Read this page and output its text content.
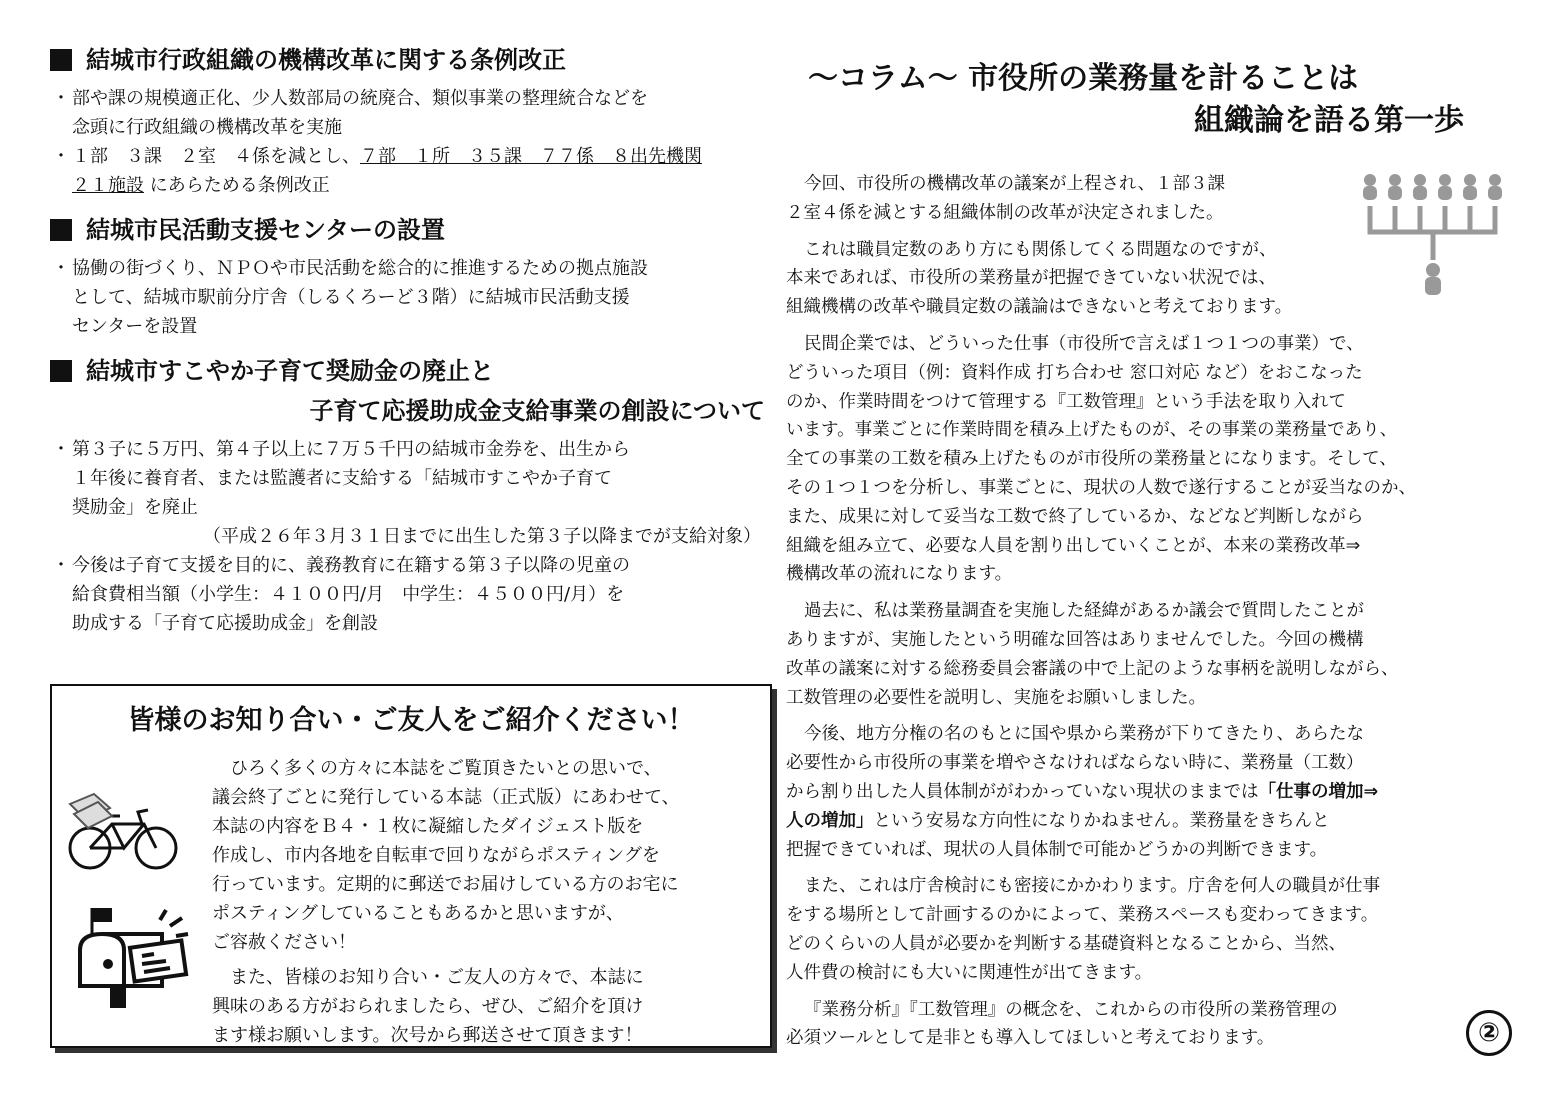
結城市行政組織の機構改革に関する条例改正
・ 部や課の規模適正化、少人数部局の統廃合、類似事業の整理統合などを
念頭に行政組織の機構改革を実施
・ １部　３課　２室　４係を減とし、７部　１所　３５課　７７係　８出先機関
２１施設 にあらためる条例改正
結城市民活動支援センターの設置
・ 協働の街づくり、ＮＰＯや市民活動を総合的に推進するための拠点施設
として、結城市駅前分庁舎（しるくろーど３階）に結城市民活動支援
センターを設置
結城市すこやか子育て奨励金の廃止と
子育て応援助成金支給事業の創設について
・ 第３子に５万円、第４子以上に７万５千円の結城市金券を、出生から
１年後に養育者、または監護者に支給する「結城市すこやか子育て
奨励金」を廃止
（平成２６年３月３１日までに出生した第３子以降までが支給対象）
・ 今後は子育て支援を目的に、義務教育に在籍する第３子以降の児童の
給食費相当額（小学生：４１００円/月　中学生：４５００円/月）を
助成する「子育て応援助成金」を創設
皆様のお知り合い・ご友人をご紹介ください！
ひろく多くの方々に本誌をご覧頂きたいとの思いで、
議会終了ごとに発行している本誌（正式版）にあわせて、
本誌の内容をＢ４・１枚に凝縮したダイジェスト版を
作成し、市内各地を自転車で回りながらポスティングを
行っています。定期的に郵送でお届けしている方のお宅に
ポスティングしていることもあるかと思いますが、
ご容赦ください！
また、皆様のお知り合い・ご友人の方々で、本誌に
興味のある方がおられましたら、ぜひ、ご紹介を頂け
ます様お願いします。次号から郵送させて頂きます！
～コラム～ 市役所の業務量を計ることは
組織論を語る第一歩

今回、市役所の機構改革の議案が上程され、１部３課
２室４係を減とする組織体制の改革が決定されました。

これは職員定数のあり方にも関係してくる問題なのですが、
本来であれば、市役所の業務量が把握できていない状況では、
組織機構の改革や職員定数の議論はできないと考えております。

民間企業では、どういった仕事（市役所で言えば１つ１つの事業）で、
どういった項目（例：資料作成 打ち合わせ 窓口対応 など）をおこなった
のか、作業時間をつけて管理する『工数管理』という手法を取り入れて
います。事業ごとに作業時間を積み上げたものが、その事業の業務量であり、
全ての事業の工数を積み上げたものが市役所の業務量とになります。そして、
その１つ１つを分析し、事業ごとに、現状の人数で遂行することが妥当なのか、
また、成果に対して妥当な工数で終了しているか、などなど判断しながら
組織を組み立て、必要な人員を割り出していくことが、本来の業務改革⇒
機構改革の流れになります。

過去に、私は業務量調査を実施した経緯があるか議会で質問したことが
ありますが、実施したという明確な回答はありませんでした。今回の機構
改革の議案に対する総務委員会審議の中で上記のような事柄を説明しながら、
工数管理の必要性を説明し、実施をお願いしました。

今後、地方分権の名のもとに国や県から業務が下りてきたり、あらたな
必要性から市役所の事業を増やさなければならない時に、業務量（工数）
から割り出した人員体制ががわかっていない現状のままでは「仕事の増加⇒
人の増加」という安易な方向性になりかねません。業務量をきちんと
把握できていれば、現状の人員体制で可能かどうかの判断できます。

また、これは庁舎検討にも密接にかかわります。庁舎を何人の職員が仕事
をする場所として計画するのかによって、業務スペースも変わってきます。
どのくらいの人員が必要かを判断する基礎資料となることから、当然、
人件費の検討にも大いに関連性が出てきます。

『業務分析』『工数管理』の概念を、これからの市役所の業務管理の
必須ツールとして是非とも導入してほしいと考えております。	②
